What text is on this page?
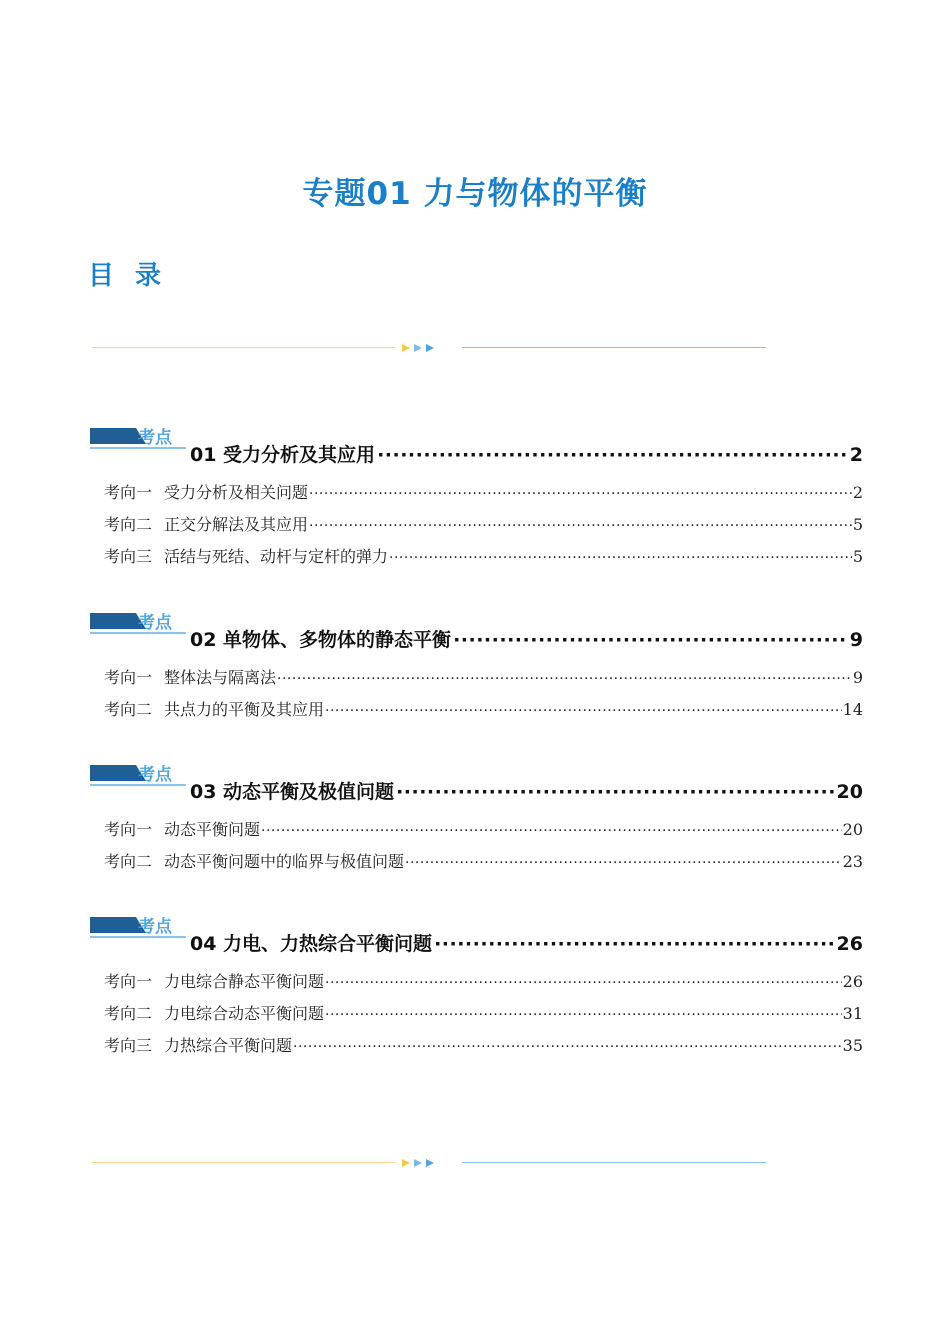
专题01 力与物体的平衡
目 录
考点
01 受力分析及其应用 ·····	2
考向一 受力分析及相关问题 ·····	2
考向二 正交分解法及其应用 ·····	5
考向三 活结与死结、动杆与定杆的弹力 ·····	5
考点
02 单物体、多物体的静态平衡 ·····	9
考向一 整体法与隔离法 ·····	9
考向二 共点力的平衡及其应用 ·····	14
考点
03 动态平衡及极值问题 ·····	20
考向一 动态平衡问题 ·····	20
考向二 动态平衡问题中的临界与极值问题 ·····	23
考点
04 力电、力热综合平衡问题 ·····	26
考向一 力电综合静态平衡问题 ·····	26
考向二 力电综合动态平衡问题 ·····	31
考向三 力热综合平衡问题 ·····	35
